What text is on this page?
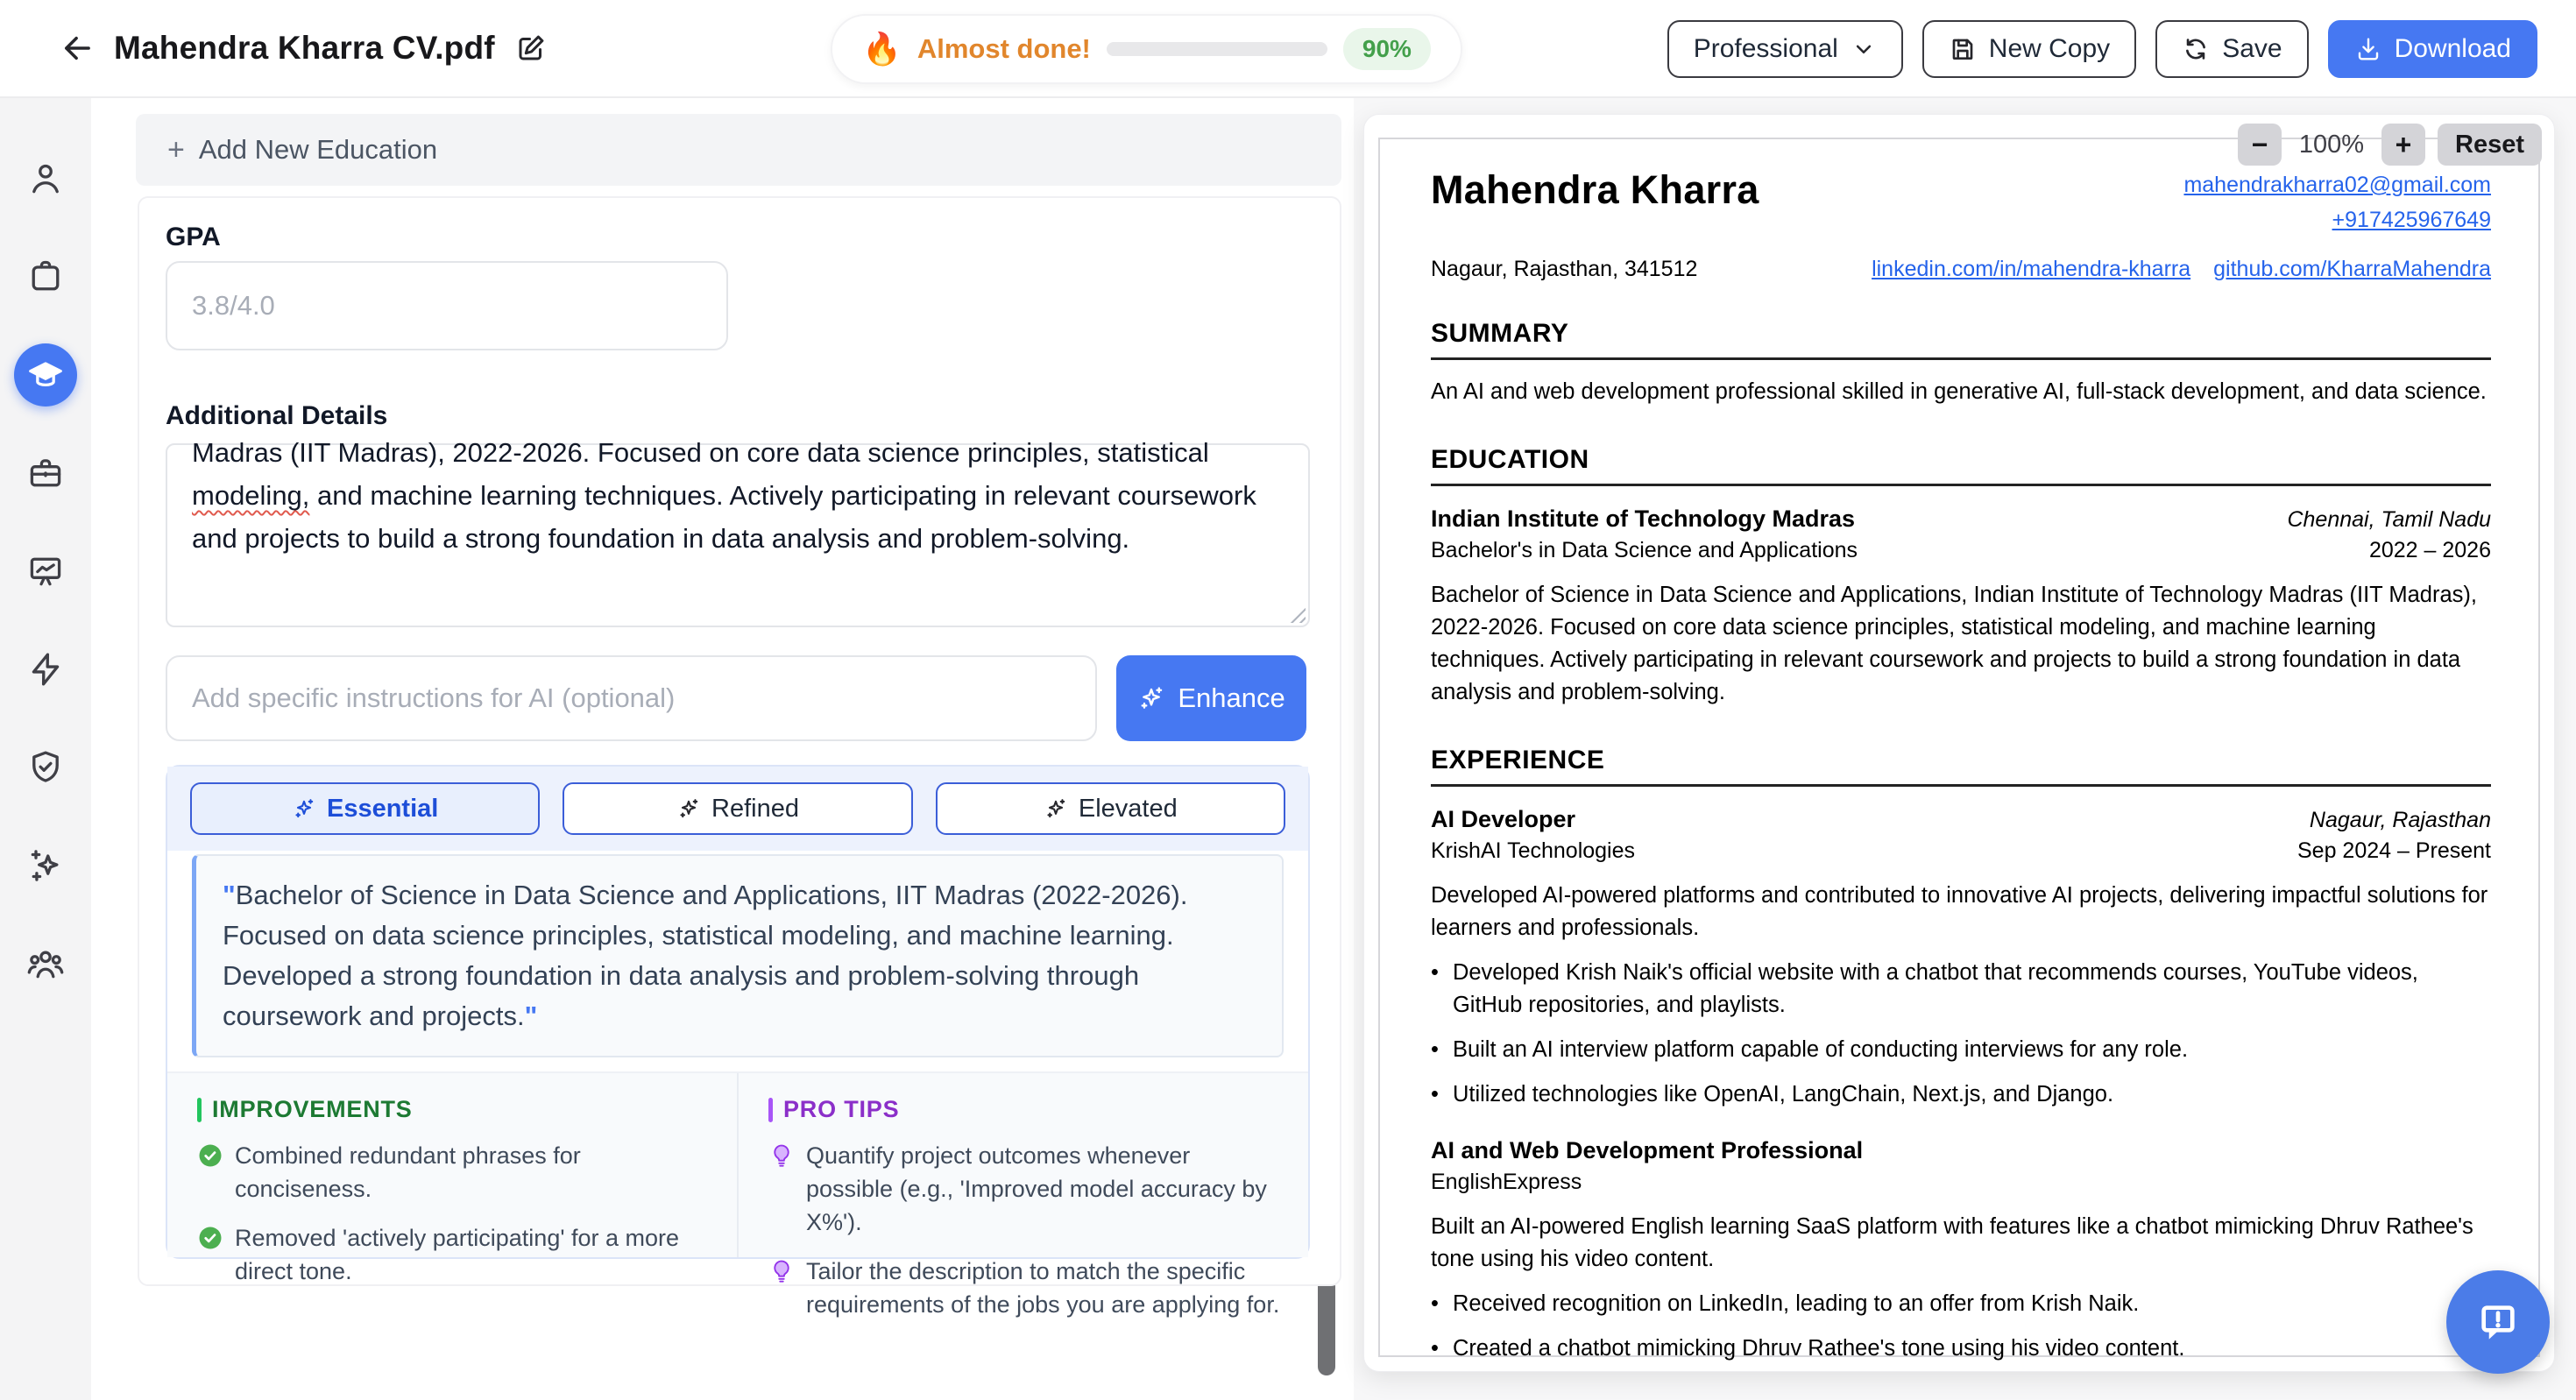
Mahendra Kharra CV.pdf	🔥 Almost done!	90%	Professional	New Copy	Save	Download
+ Add New Education
GPA
3.8/4.0
Additional Details
Madras (IIT Madras), 2022-2026. Focused on core data science principles, statistical modeling, and machine learning techniques. Actively participating in relevant coursework and projects to build a strong foundation in data analysis and problem-solving.
Add specific instructions for AI (optional)
Enhance
Essential	Refined	Elevated
"Bachelor of Science in Data Science and Applications, IIT Madras (2022-2026). Focused on data science principles, statistical modeling, and machine learning. Developed a strong foundation in data analysis and problem-solving through coursework and projects."
IMPROVEMENTS
Combined redundant phrases for conciseness.
Removed 'actively participating' for a more direct tone.
PRO TIPS
Quantify project outcomes whenever possible (e.g., 'Improved model accuracy by X%').
Tailor the description to match the specific requirements of the jobs you are applying for.
−	100%	+	Reset
Mahendra Kharra	mahendrakharra02@gmail.com
+917425967649
Nagaur, Rajasthan, 341512	linkedin.com/in/mahendra-kharra github.com/KharraMahendra
SUMMARY

An AI and web development professional skilled in generative AI, full-stack development, and data science.

EDUCATION
Indian Institute of Technology Madras	Chennai, Tamil Nadu
Bachelor's in Data Science and Applications	2022 – 2026

Bachelor of Science in Data Science and Applications, Indian Institute of Technology Madras (IIT Madras), 2022-2026. Focused on core data science principles, statistical modeling, and machine learning techniques. Actively participating in relevant coursework and projects to build a strong foundation in data analysis and problem-solving.

EXPERIENCE
AI Developer	Nagaur, Rajasthan
KrishAI Technologies	Sep 2024 – Present

Developed AI-powered platforms and contributed to innovative AI projects, delivering impactful solutions for learners and professionals.

• Developed Krish Naik's official website with a chatbot that recommends courses, YouTube videos, GitHub repositories, and playlists.
• Built an AI interview platform capable of conducting interviews for any role.
• Utilized technologies like OpenAI, LangChain, Next.js, and Django.
AI and Web Development Professional
EnglishExpress

Built an AI-powered English learning SaaS platform with features like a chatbot mimicking Dhruv Rathee's tone using his video content.

• Received recognition on LinkedIn, leading to an offer from Krish Naik.
• Created a chatbot mimicking Dhruv Rathee's tone using his video content.
